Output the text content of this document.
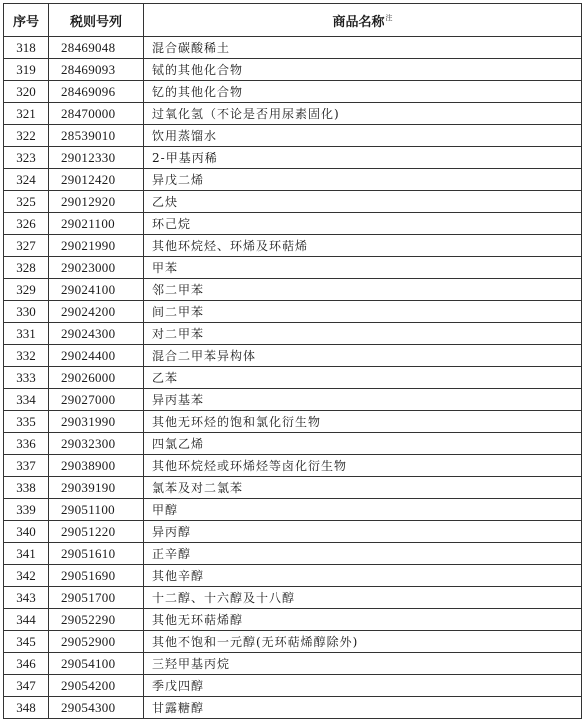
序号	税则号列	商品名称$^注$
318	28469048	混合碳酸稀土
319	28469093	铽的其他化合物
320	28469096	钇的其他化合物
321	28470000	过氧化氢（不论是否用尿素固化)
322	28539010	饮用蒸馏水
323	29012330	2-甲基丙稀
324	29012420	异戊二烯
325	29012920	乙炔
326	29021100	环己烷
327	29021990	其他环烷烃、环烯及环萜烯
328	29023000	甲苯
329	29024100	邻二甲苯
330	29024200	间二甲苯
331	29024300	对二甲苯
332	29024400	混合二甲苯异构体
333	29026000	乙苯
334	29027000	异丙基苯
335	29031990	其他无环烃的饱和氯化衍生物
336	29032300	四氯乙烯
337	29038900	其他环烷烃或环烯烃等卤化衍生物
338	29039190	氯苯及对二氯苯
339	29051100	甲醇
340	29051220	异丙醇
341	29051610	正辛醇
342	29051690	其他辛醇
343	29051700	十二醇、十六醇及十八醇
344	29052290	其他无环萜烯醇
345	29052900	其他不饱和一元醇(无环萜烯醇除外)
346	29054100	三羟甲基丙烷
347	29054200	季戊四醇
348	29054300	甘露糖醇
